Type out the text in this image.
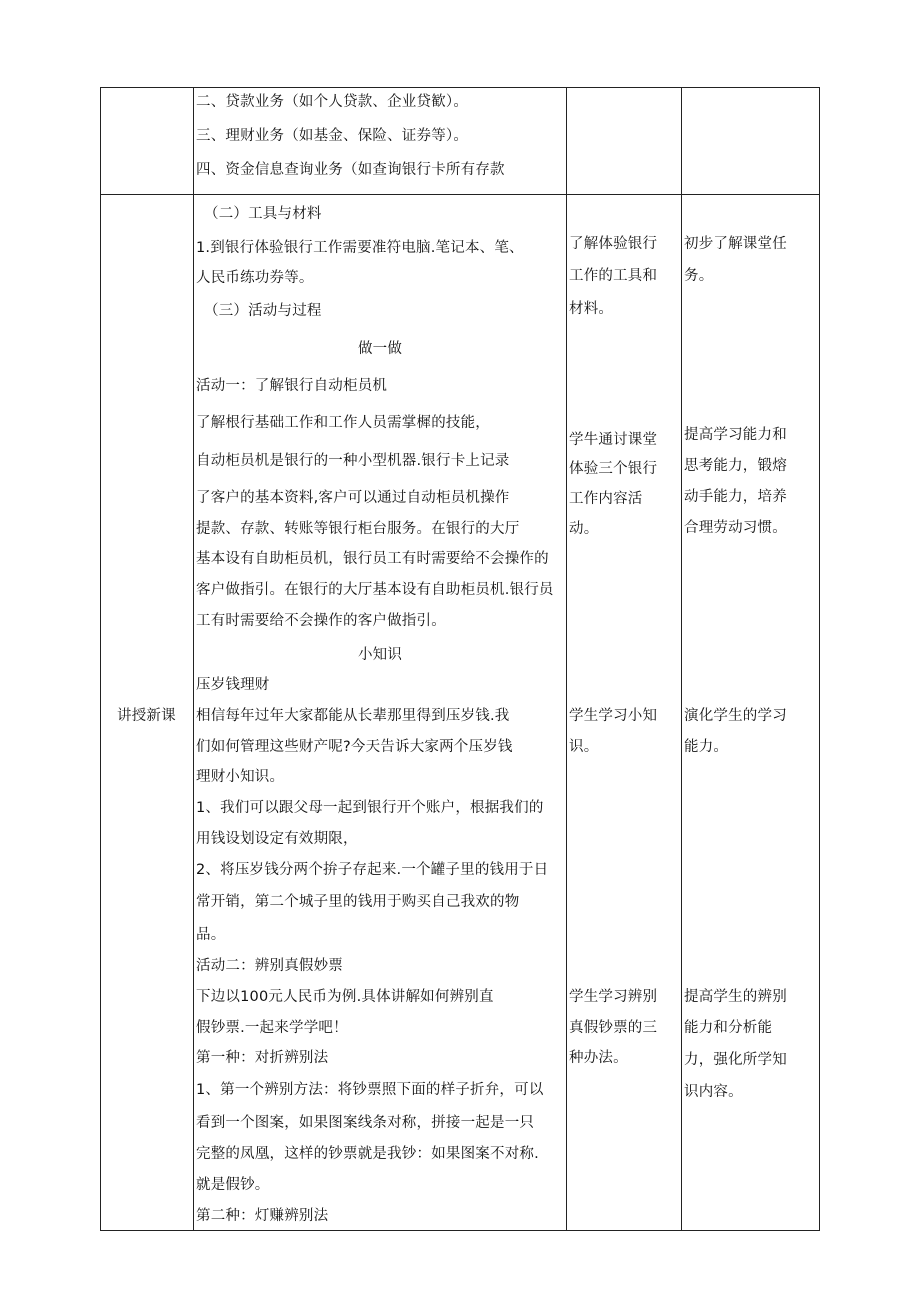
二、贷款业务（如个人贷款、企业贷歓）。
三、理财业务（如基金、保险、证券等）。
四、资金信息查询业务（如查询银行卡所有存款
讲授新课
（二）工具与材料
1.到银行体验银行工作需要准符电脑.笔记本、笔、
人民币练功券等。
（三）活动与过程
做一做
活动一：了解银行自动柜员机
了解根行基础工作和工作人员需掌樨的技能，
自动柜员机是银行的一种小型机器.银行卡上记录
了客户的基本资料,客户可以通过自动柜员机操作
提款、存款、转账等银行柜台服务。在银行的大厅
基本设有自助柜员机，银行员工有时需要给不会操作的
客户做指引。在银行的大厅基本设有自助柜员机.银行员
工有时需要给不会操作的客户做指引。
小知识
压岁钱理财
相信每年过年大家都能从长辈那里得到压岁钱.我
们如何管理这些财产呢?今天告诉大家两个压岁钱
理财小知识。
1、我们可以跟父母一起到银行开个账户，根据我们的
用钱设划设定有效期限，
2、将压岁钱分两个拚子存起来.一个罐子里的钱用于日
常开销，第二个城子里的钱用于购买自己我欢的物
品。
活动二：辨别真假妙票
下边以100元人民币为例.具体讲解如何辨别直
假钞票.一起来学学吧！
第一种：对折辨别法
1、第一个辨别方法：将钞票照下面的样子折弁，可以
看到一个图案，如果图案线条对称，拼接一起是一只
完整的凤凰，这样的钞票就是我钞：如果图案不对称.
就是假钞。
第二种：灯赚辨别法
了解体验银行
工作的工具和
材料。
学牛通讨课堂
体验三个银行
工作内容活
动。
学生学习小知
识。
学生学习辨别
真假钞票的三
种办法。
初步了解课堂任
务。
提高学习能力和
思考能力，锻熔
动手能力，培养
合理劳动习惯。
演化学生的学习
能力。
提高学生的辨别
能力和分析能
力，强化所学知
识内容。
